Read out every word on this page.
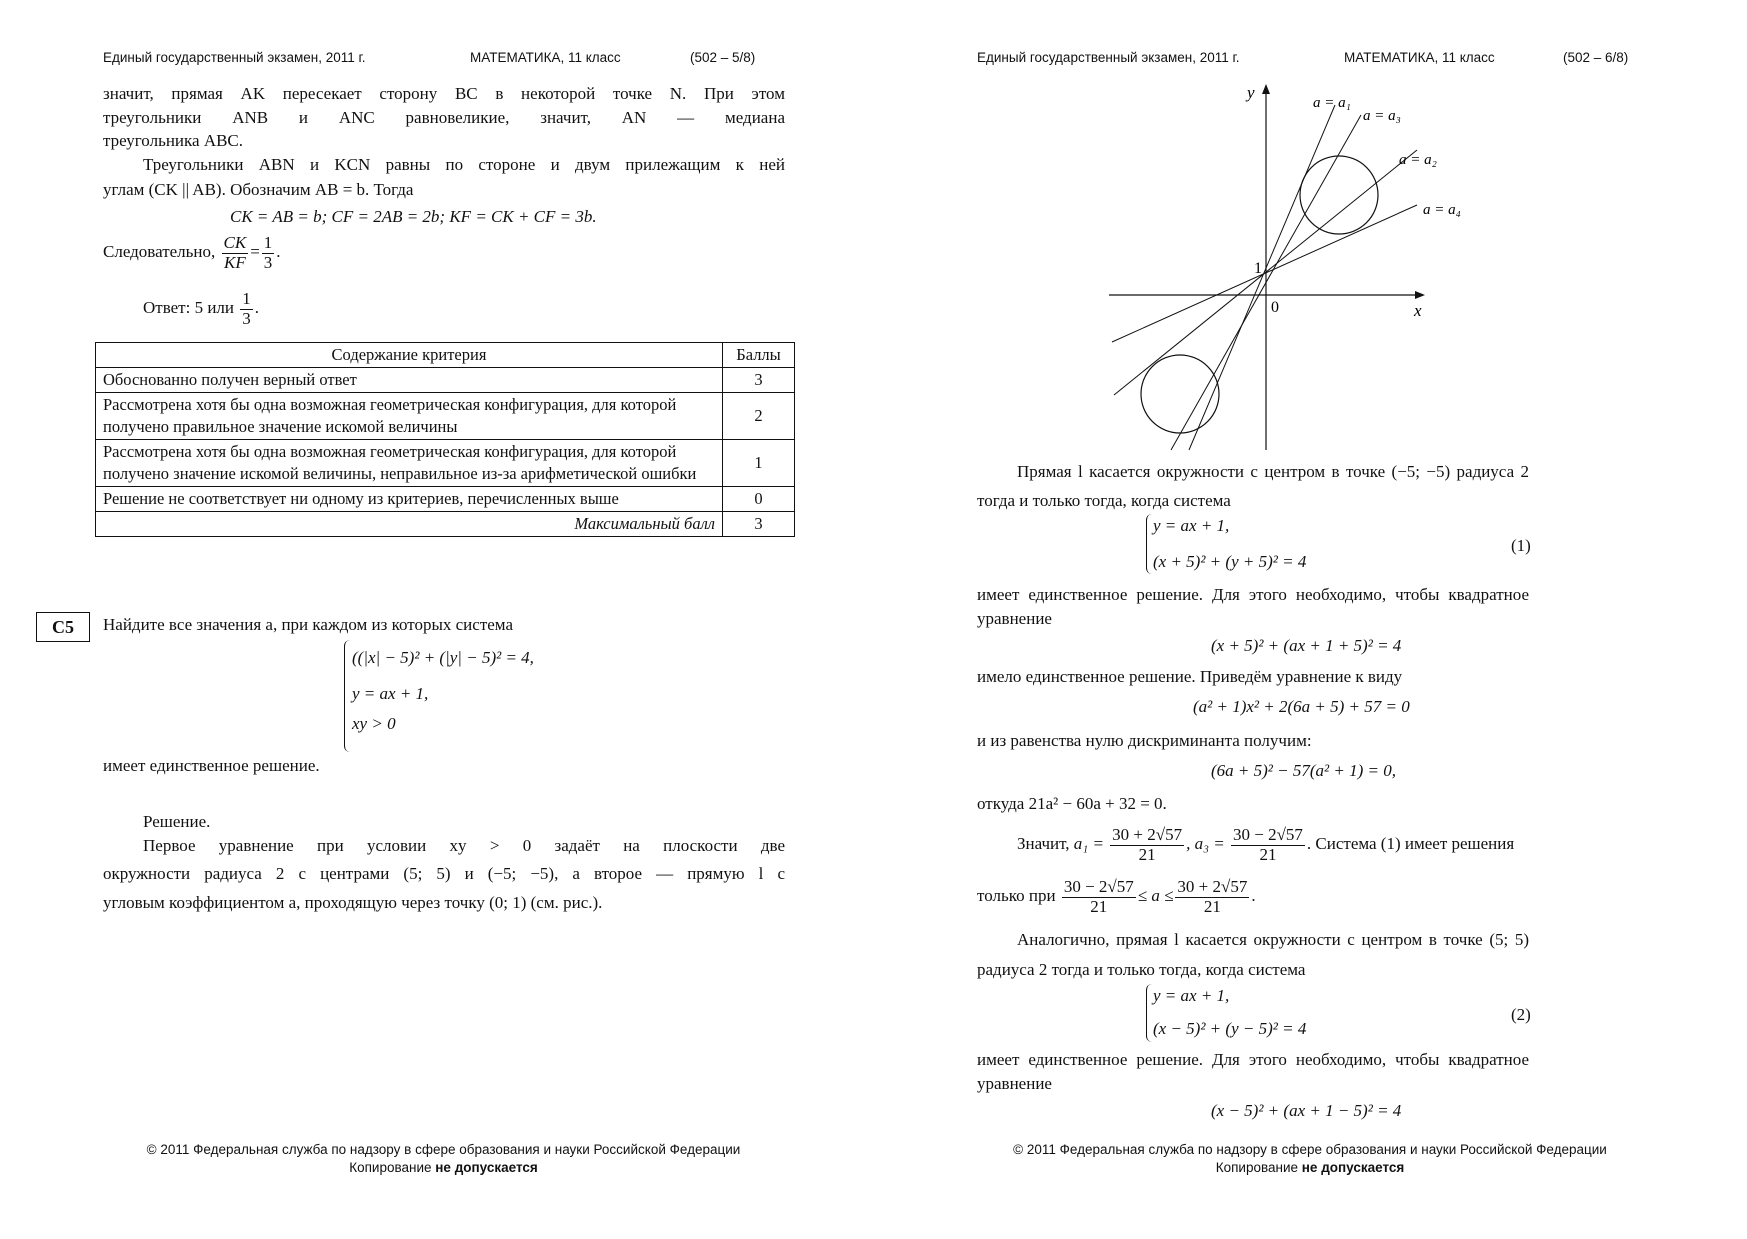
Единый государственный экзамен, 2011 г.	МАТЕМАТИКА, 11 класс	(502 – 5/8)
значит, прямая AK пересекает сторону BC в некоторой точке N. При этом
треугольники ANB и ANC равновеликие, значит, AN — медиана
треугольника ABC.
Треугольники ABN и KCN равны по стороне и двум прилежащим к ней
углам (CK || AB). Обозначим AB = b. Тогда
CK = AB = b; CF = 2AB = 2b; KF = CK + CF = 3b.
Следовательно, $\frac{CK}{KF} = \frac{1}{3}$ .
Ответ: 5 или $\frac{1}{3}$ .
Содержание критерия	Баллы
Обоснованно получен верный ответ	3
Рассмотрена хотя бы одна возможная геометрическая конфигурация, для которой получено правильное значение искомой величины	2
Рассмотрена хотя бы одна возможная геометрическая конфигурация, для которой получено значение искомой величины, неправильное из-за арифметической ошибки	1
Решение не соответствует ни одному из критериев, перечисленных выше	0
Максимальный балл	3
C5	Найдите все значения a, при каждом из которых система
((|x| − 5)² + (|y| − 5)² = 4,
y = ax + 1,
xy > 0
имеет единственное решение.
Решение.
Первое уравнение при условии xy > 0 задаёт на плоскости две
окружности радиуса 2 с центрами (5; 5) и (−5; −5), а второе — прямую l с
угловым коэффициентом a, проходящую через точку (0; 1) (см. рис.).
© 2011 Федеральная служба по надзору в сфере образования и науки Российской Федерации
Копирование не допускается
Единый государственный экзамен, 2011 г.	МАТЕМАТИКА, 11 класс	(502 – 6/8)
y
x
1
0
a = a₁
a = a₃
a = a₂
a = a₄
Прямая l касается окружности с центром в точке (−5; −5) радиуса 2
тогда и только тогда, когда система
y = ax + 1,
(x + 5)² + (y + 5)² = 4
(1)
имеет единственное решение. Для этого необходимо, чтобы квадратное
уравнение
(x + 5)² + (ax + 1 + 5)² = 4
имело единственное решение. Приведём уравнение к виду
(a² + 1)x² + 2(6a + 5) + 57 = 0
и из равенства нулю дискриминанта получим:
(6a + 5)² − 57(a² + 1) = 0,
откуда 21a² − 60a + 32 = 0.
Значит, $a_1 = \frac{30 + 2√57}{21}$ , $a_3 = \frac{30 - 2√57}{21}$ . Система (1) имеет решения
только при $\frac{30 - 2√57}{21} \le a \le \frac{30 + 2√57}{21}$ .
Аналогично, прямая l касается окружности с центром в точке (5; 5)
радиуса 2 тогда и только тогда, когда система
y = ax + 1,
(x − 5)² + (y − 5)² = 4
(2)
имеет единственное решение. Для этого необходимо, чтобы квадратное
уравнение
(x − 5)² + (ax + 1 − 5)² = 4
© 2011 Федеральная служба по надзору в сфере образования и науки Российской Федерации
Копирование не допускается
